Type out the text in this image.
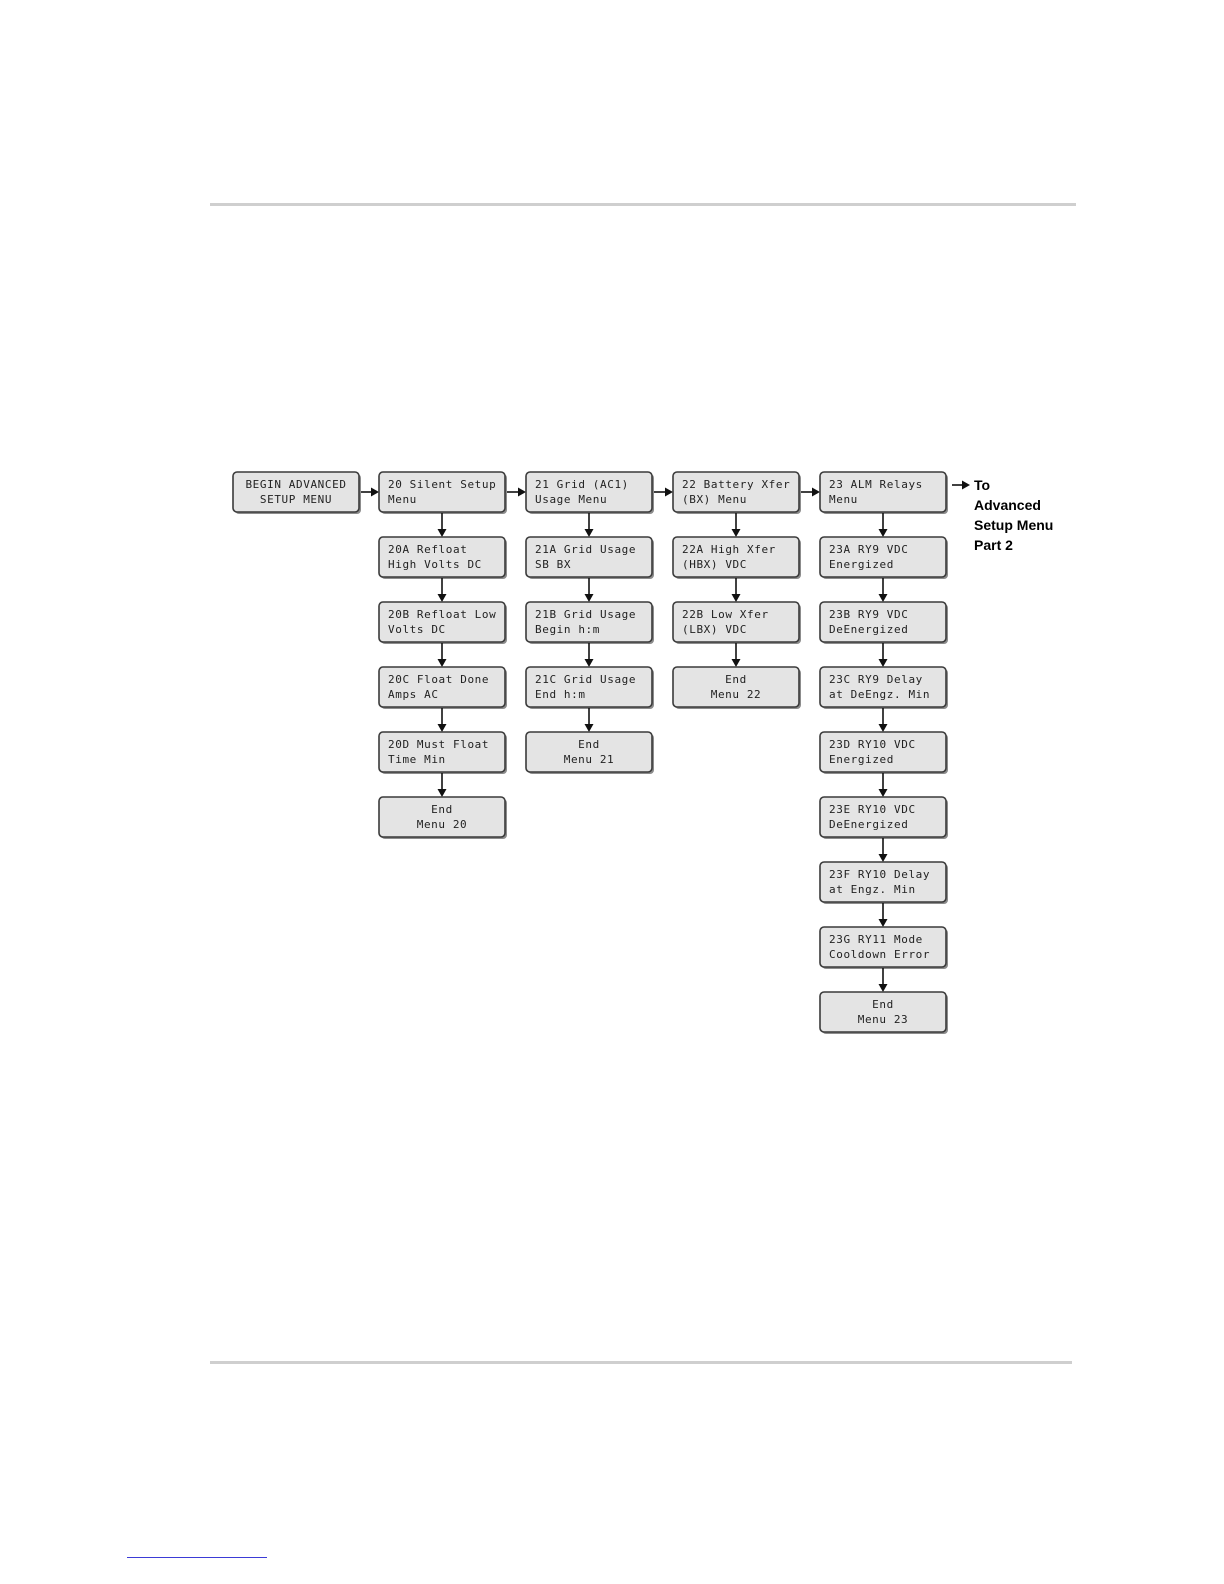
BEGIN ADVANCED
SETUP MENU
20 Silent Setup
Menu
20A Refloat
High Volts DC
20B Refloat Low
Volts DC
20C Float Done
Amps AC
20D Must Float
Time Min
End
Menu 20
21 Grid (AC1)
Usage Menu
21A Grid Usage
SB BX
21B Grid Usage
Begin h:m
21C Grid Usage
End h:m
End
Menu 21
22 Battery Xfer
(BX) Menu
22A High Xfer
(HBX) VDC
22B Low Xfer
(LBX) VDC
End
Menu 22
23 ALM Relays
Menu
23A RY9 VDC
Energized
23B RY9 VDC
DeEnergized
23C RY9 Delay
at DeEngz. Min
23D RY10 VDC
Energized
23E RY10 VDC
DeEnergized
23F RY10 Delay
at Engz. Min
23G RY11 Mode
Cooldown Error
End
Menu 23
To
Advanced
Setup Menu
Part 2
